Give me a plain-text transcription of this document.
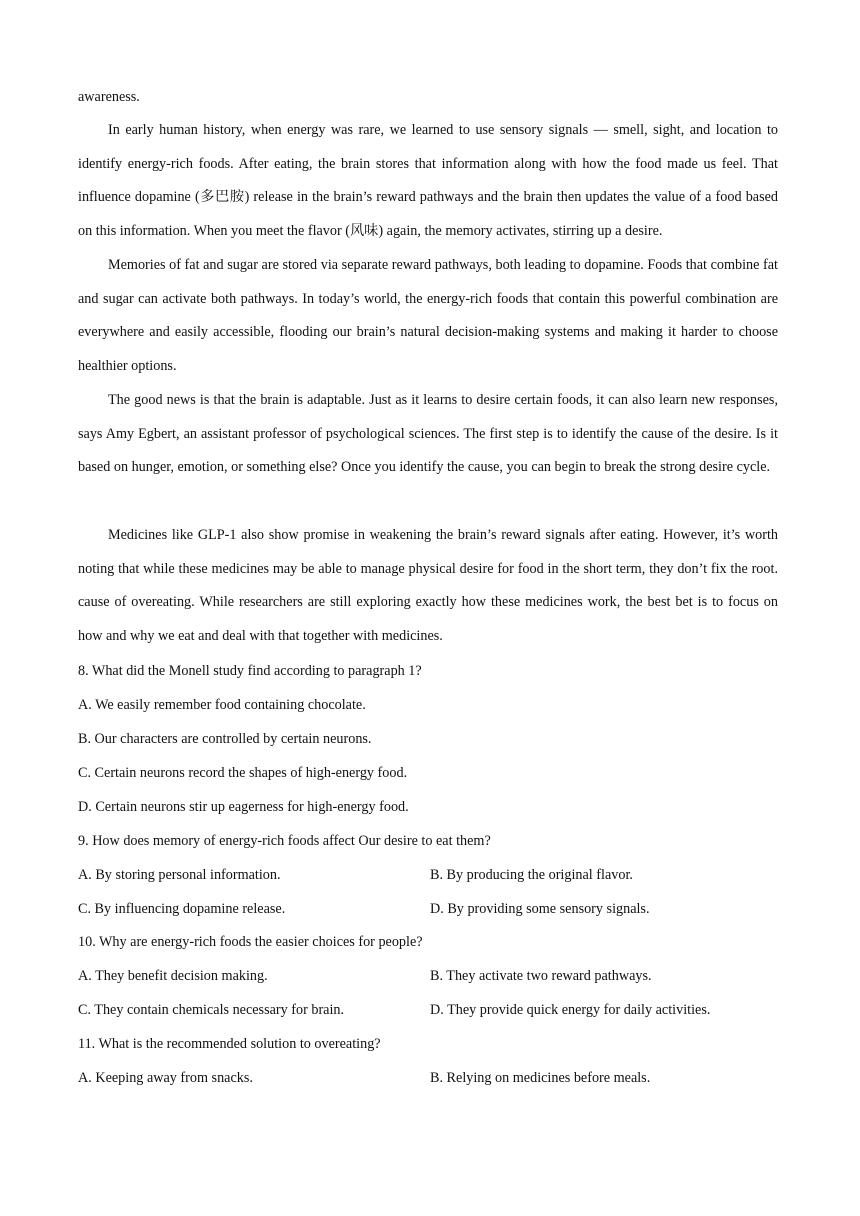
awareness.

In early human history, when energy was rare, we learned to use sensory signals — smell, sight, and location to identify energy-rich foods. After eating, the brain stores that information along with how the food made us feel. That influence dopamine (多巴胺) release in the brain’s reward pathways and the brain then updates the value of a food based on this information. When you meet the flavor (风味) again, the memory activates, stirring up a desire.

Memories of fat and sugar are stored via separate reward pathways, both leading to dopamine. Foods that combine fat and sugar can activate both pathways. In today’s world, the energy-rich foods that contain this powerful combination are everywhere and easily accessible, flooding our brain’s natural decision-making systems and making it harder to choose healthier options.

The good news is that the brain is adaptable. Just as it learns to desire certain foods, it can also learn new responses, says Amy Egbert, an assistant professor of psychological sciences. The first step is to identify the cause of the desire. Is it based on hunger, emotion, or something else? Once you identify the cause, you can begin to break the strong desire cycle.

Medicines like GLP-1 also show promise in weakening the brain’s reward signals after eating. However, it’s worth noting that while these medicines may be able to manage physical desire for food in the short term, they don’t fix the root. cause of overeating. While researchers are still exploring exactly how these medicines work, the best bet is to focus on how and why we eat and deal with that together with medicines.

8. What did the Monell study find according to paragraph 1?
A. We easily remember food containing chocolate.
B. Our characters are controlled by certain neurons.
C. Certain neurons record the shapes of high-energy food.
D. Certain neurons stir up eagerness for high-energy food.
9. How does memory of energy-rich foods affect Our desire to eat them?
A. By storing personal information.	B. By producing the original flavor.
C. By influencing dopamine release.	D. By providing some sensory signals.
10. Why are energy-rich foods the easier choices for people?
A. They benefit decision making.	B. They activate two reward pathways.
C. They contain chemicals necessary for brain.	D. They provide quick energy for daily activities.
11. What is the recommended solution to overeating?
A. Keeping away from snacks.	B. Relying on medicines before meals.
